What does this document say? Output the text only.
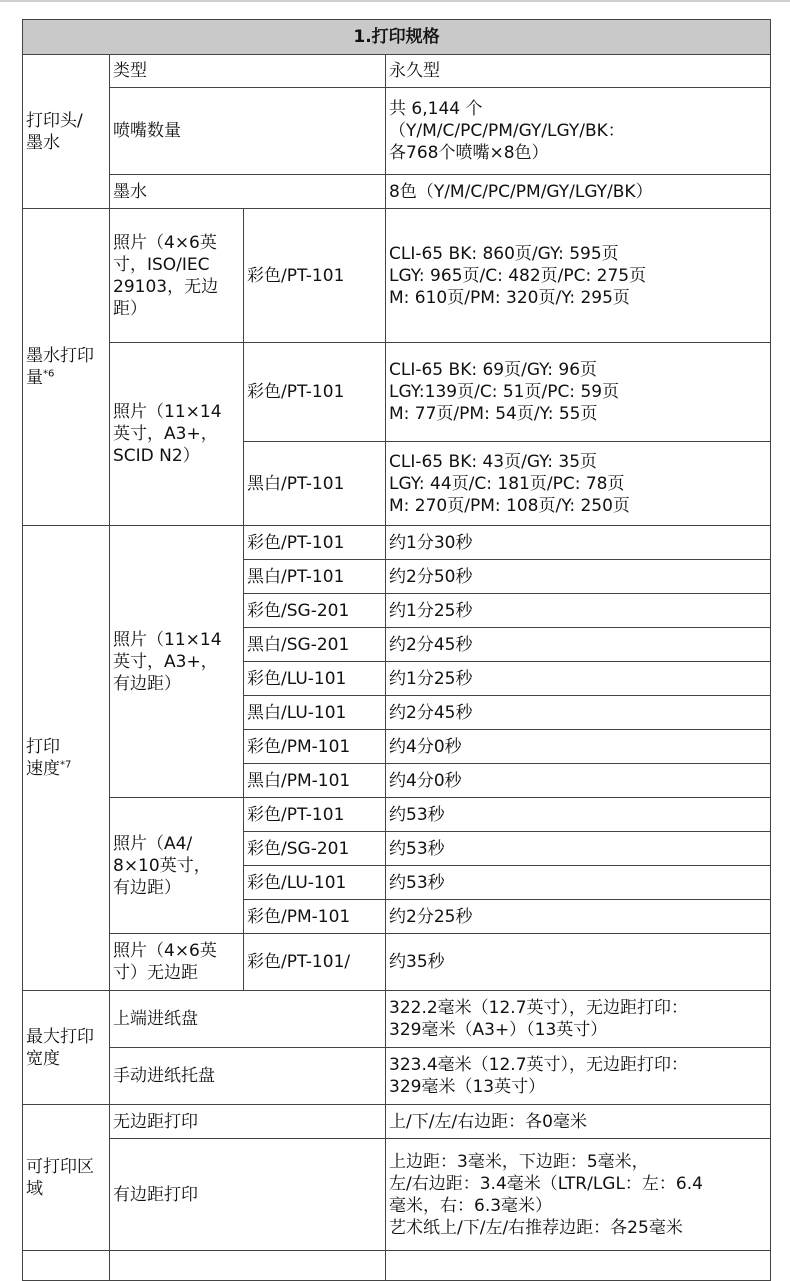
1.打印规格			

打印头/
墨水	类型		永久型
	喷嘴数量		共 6,144 个
（Y/M/C/PC/PM/GY/LGY/BK：
各768个喷嘴×8色）

	墨水		8色（Y/M/C/PC/PM/GY/LGY/BK）
墨水打印量$^{*6}$	照片（4×6英
寸，ISO/IEC
29103，无边
距）	彩色/PT-101	CLI-65 BK: 860页/GY: 595页
LGY: 965页/C: 482页/PC: 275页
M: 610页/PM: 320页/Y: 295页

	照片（11×14
英寸，A3+，
SCID N2）	彩色/PT-101	CLI-65 BK: 69页/GY: 96页
LGY:139页/C: 51页/PC: 59页
M: 77页/PM: 54页/Y: 55页

		黑白/PT-101	CLI-65 BK: 43页/GY: 35页
LGY: 44页/C: 181页/PC: 78页
M: 270页/PM: 108页/Y: 250页

打印
速度$^{*7}$	照片（11×14
英寸，A3+，
有边距）	彩色/PT-101	约1分30秒
		黑白/PT-101	约2分50秒
		彩色/SG-201	约1分25秒
		黑白/SG-201	约2分45秒
		彩色/LU-101	约1分25秒
		黑白/LU-101	约2分45秒
		彩色/PM-101	约4分0秒
		黑白/PM-101	约4分0秒

	照片（A4/
8×10英寸，
有边距）	彩色/PT-101	约53秒
		彩色/SG-201	约53秒
		彩色/LU-101	约53秒
		彩色/PM-101	约2分25秒

	照片（4×6英
寸）无边距	彩色/PT-101/	约35秒

最大打印
宽度	上端进纸盘		322.2毫米（12.7英寸），无边距打印：
329毫米（A3+）（13英寸）

	手动进纸托盘		323.4毫米（12.7英寸），无边距打印：
329毫米（13英寸）

可打印区
域	无边距打印		上/下/左/右边距：各0毫米
	有边距打印		上边距：3毫米，下边距：5毫米，
左/右边距：3.4毫米（LTR/LGL：左：6.4
毫米，右：6.3毫米）
艺术纸上/下/左/右推荐边距：各25毫米
